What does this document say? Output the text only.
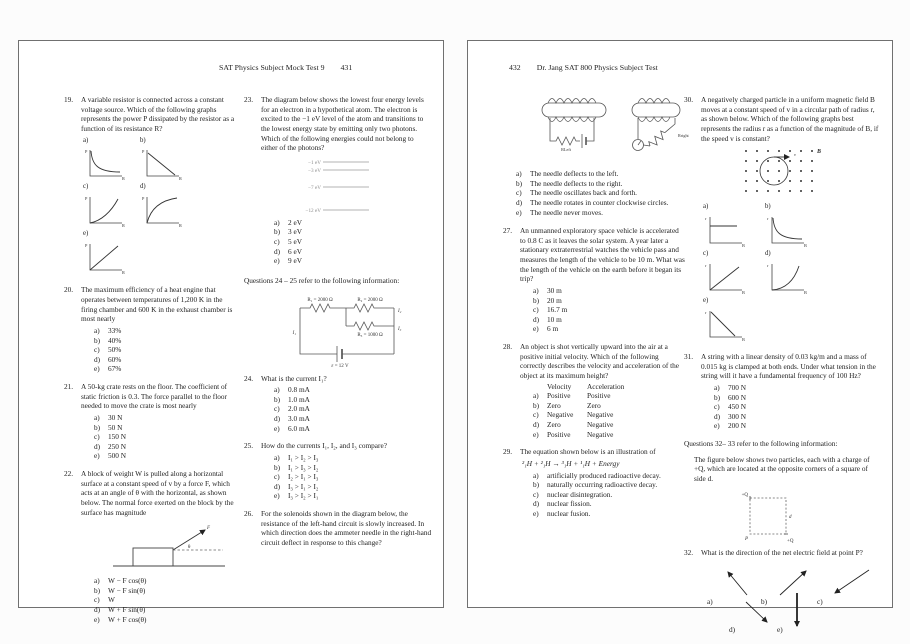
SAT Physics Subject Mock Test 9 431
19.	A variable resistor is connected across a constant voltage source. Which of the following graphs represents the power P dissipated by the resistor as a function of its resistance R?
a)
P
R
b)
P
R
c)
P
R
d)
P
R
e)
P
R
20.	The maximum efficiency of a heat engine that operates between temperatures of 1,200 K in the firing chamber and 600 K in the exhaust chamber is most nearly
a)	33%
b)	40%
c)	50%
d)	60%
e)	67%
21.	A 50-kg crate rests on the floor. The coefficient of static friction is 0.3. The force parallel to the floor needed to move the crate is most nearly
a)	30 N
b)	50 N
c)	150 N
d)	250 N
e)	500 N
22.	A block of weight W is pulled along a horizontal surface at a constant speed of v by a force F, which acts at an angle of θ with the horizontal, as shown below. The normal force exerted on the block by the surface has magnitude
F
θ
a)	W − F cos(θ)
b)	W − F sin(θ)
c)	W
d)	W + F sin(θ)
e)	W + F cos(θ)
23.	The diagram below shows the lowest four energy levels for an electron in a hypothetical atom. The electron is excited to the −1 eV level of the atom and transitions to the lowest energy state by emitting only two photons. Which of the following energies could not belong to either of the photons?
−1 eV
−3 eV
−7 eV
−12 eV
a)	2 eV
b)	3 eV
c)	5 eV
d)	6 eV
e)	9 eV
Questions 24 – 25 refer to the following information:
R₁ = 2000 Ω	R₂ = 2000 Ω
R₃ = 1000 Ω
I₁
I₂
I₃
ε = 12 V
24.	What is the current I₁?
a)	0.8 mA
b)	1.0 mA
c)	2.0 mA
d)	3.0 mA
e)	6.0 mA
25.	How do the currents I₁, I₂, and I₃ compare?
a)	I₁ > I₂ > I₃
b)	I₁ > I₃ > I₂
c)	I₂ > I₁ > I₃
d)	I₃ > I₁ > I₂
e)	I₃ > I₂ > I₁
26.	For the solenoids shown in the diagram below, the resistance of the left-hand circuit is slowly increased. In which direction does the ammeter needle in the right-hand circuit deflect in response to this change?
432 Dr. Jang SAT 800 Physics Subject Test
RLeft
Rright
a)	The needle deflects to the left.
b)	The needle deflects to the right.
c)	The needle oscillates back and forth.
d)	The needle rotates in counter clockwise circles.
e)	The needle never moves.
27.	An unmanned exploratory space vehicle is accelerated to 0.8 C as it leaves the solar system. A year later a stationary extraterrestrial watches the vehicle pass and measures the length of the vehicle to be 10 m. What was the length of the vehicle on the earth before it began its trip?
a)	30 m
b)	20 m
c)	16.7 m
d)	10 m
e)	6 m
28.	An object is shot vertically upward into the air at a positive initial velocity. Which of the following correctly describes the velocity and acceleration of the object at its maximum height?
Velocity	Acceleration
a)	Positive	Positive
b)	Zero	Zero
c)	Negative	Negative
d)	Zero	Negative
e)	Positive	Negative
29.	The equation shown below is an illustration of
²₁H + ²₁H → ³₁H + ¹₁H + Energy
a)	artificially produced radioactive decay.
b)	naturally occurring radioactive decay.
c)	nuclear disintegration.
d)	nuclear fission.
e)	nuclear fusion.
30.	A negatively charged particle in a uniform magnetic field B moves at a constant speed of v in a circular path of radius r, as shown below. Which of the following graphs best represents the radius r as a function of the magnitude of B, if the speed v is constant?
v	B
a)
r
B
b)
r
B
c)
r
B
d)
r
B
e)
r
B
31.	A string with a linear density of 0.03 kg/m and a mass of 0.015 kg is clamped at both ends. Under what tension in the string will it have a fundamental frequency of 100 Hz?
a)	700 N
b)	600 N
c)	450 N
d)	300 N
e)	200 N
Questions 32– 33 refer to the following information:
The figure below shows two particles, each with a charge of +Q, which are located at the opposite corners of a square of side d.
+Q
P	+Q
d
32.	What is the direction of the net electric field at point P?
a)	b)	c)
d)	e)
